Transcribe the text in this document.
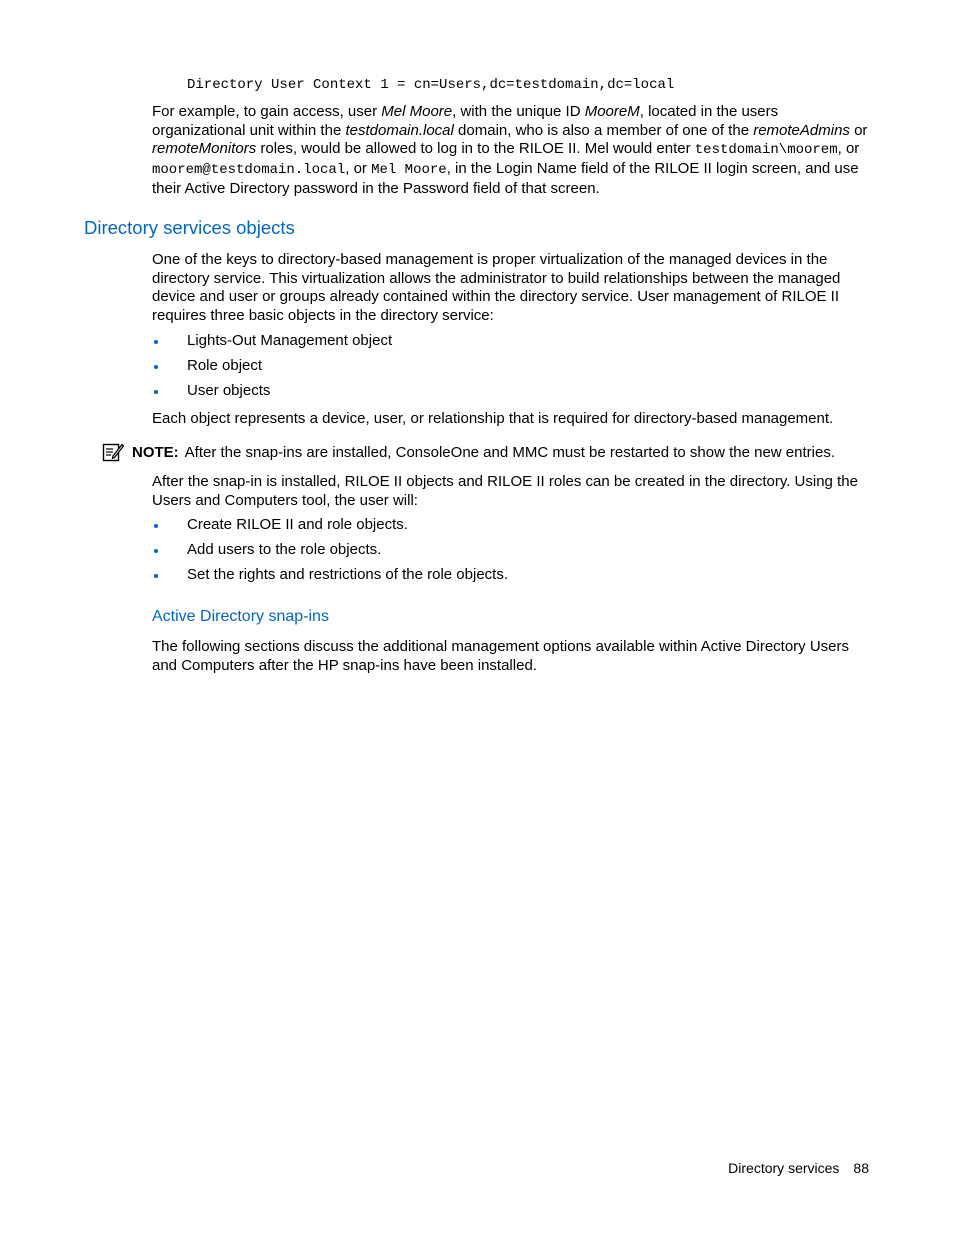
Directory User Context 1 = cn=Users,dc=testdomain,dc=local

For example, to gain access, user Mel Moore, with the unique ID MooreM, located in the users organizational unit within the testdomain.local domain, who is also a member of one of the remoteAdmins or remoteMonitors roles, would be allowed to log in to the RILOE II. Mel would enter testdomain\moorem, or moorem@testdomain.local, or Mel Moore, in the Login Name field of the RILOE II login screen, and use their Active Directory password in the Password field of that screen.

Directory services objects

One of the keys to directory-based management is proper virtualization of the managed devices in the directory service. This virtualization allows the administrator to build relationships between the managed device and user or groups already contained within the directory service. User management of RILOE II requires three basic objects in the directory service:

Lights-Out Management object
Role object
User objects

Each object represents a device, user, or relationship that is required for directory-based management.

NOTE: After the snap-ins are installed, ConsoleOne and MMC must be restarted to show the new entries.

After the snap-in is installed, RILOE II objects and RILOE II roles can be created in the directory. Using the Users and Computers tool, the user will:

Create RILOE II and role objects.
Add users to the role objects.
Set the rights and restrictions of the role objects.
Active Directory snap-ins

The following sections discuss the additional management options available within Active Directory Users and Computers after the HP snap-ins have been installed.

Directory services 88
